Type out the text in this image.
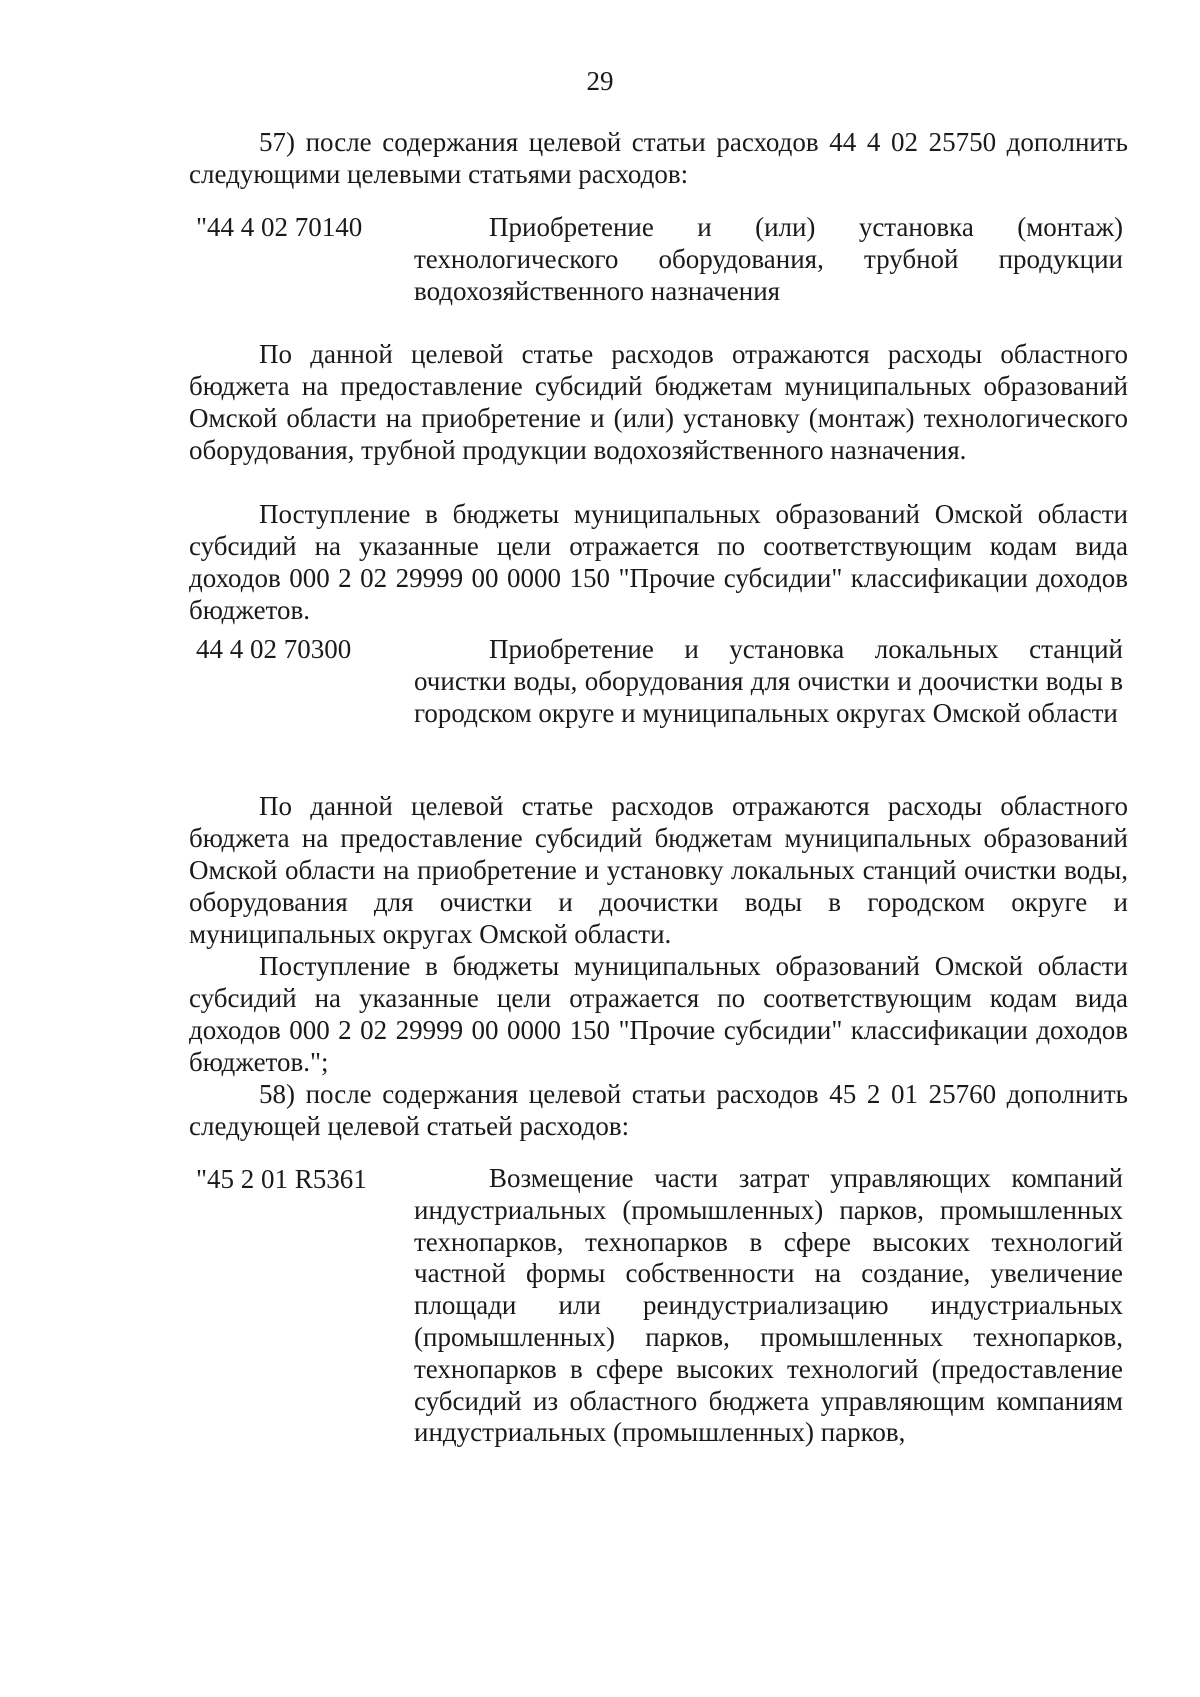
29
57) после содержания целевой статьи расходов 44 4 02 25750 дополнить следующими целевыми статьями расходов:
"44 4 02 70140	Приобретение и (или) установка (монтаж) технологического оборудования, трубной продукции водохозяйственного назначения
По данной целевой статье расходов отражаются расходы областного бюджета на предоставление субсидий бюджетам муниципальных образований Омской области на приобретение и (или) установку (монтаж) технологического оборудования, трубной продукции водохозяйственного назначения.
Поступление в бюджеты муниципальных образований Омской области субсидий на указанные цели отражается по соответствующим кодам вида доходов 000 2 02 29999 00 0000 150 "Прочие субсидии" классификации доходов бюджетов.
44 4 02 70300	Приобретение и установка локальных станций очистки воды, оборудования для очистки и доочистки воды в городском округе и муниципальных округах Омской области
По данной целевой статье расходов отражаются расходы областного бюджета на предоставление субсидий бюджетам муниципальных образований Омской области на приобретение и установку локальных станций очистки воды, оборудования для очистки и доочистки воды в городском округе и муниципальных округах Омской области.
Поступление в бюджеты муниципальных образований Омской области субсидий на указанные цели отражается по соответствующим кодам вида доходов 000 2 02 29999 00 0000 150 "Прочие субсидии" классификации доходов бюджетов.";
58) после содержания целевой статьи расходов 45 2 01 25760 дополнить следующей целевой статьей расходов:
"45 2 01 R5361	Возмещение части затрат управляющих компаний индустриальных (промышленных) парков, промышленных технопарков, технопарков в сфере высоких технологий частной формы собственности на создание, увеличение площади или реиндустриализацию индустриальных (промышленных) парков, промышленных технопарков, технопарков в сфере высоких технологий (предоставление субсидий из областного бюджета управляющим компаниям индустриальных (промышленных) парков,
